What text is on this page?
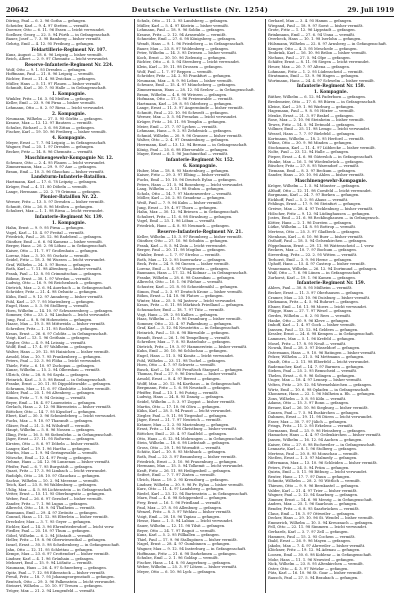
20642	Deutsche Verlustliste (Nr. 1254)	29. Juli 1919
Döring, Paul — 6. 2. 96 Gotha — gefangen.
Scheider, Karl — 9. 4. 97 Stetten — vermißt.
Doerner, Otto — 6. 11. 96 Essen — leicht verwundet.
Soellner, Georg — 22. 5. 94 Fürth — in Gefangenschaft.
Bauer, Josef — 7. 3. 98 Bamberg — bisher vermißt.
Gehrig, Emil — 4. 12. 95 Freiburg — gefangen.
Feldartillerie-Regiment Nr. 107.
Kunz, August — 18. 6. 96 Leipzig — bisher vermißt.
Reich, Albert — 2. 9. 97 Chemnitz — leicht verwundet.
Reserve-Infanterie-Regiment Nr. 224.
Wolf, Otto — 9. 1. 93 Dresden — gefangen.
Hoffmann, Paul — 21. 8. 96 Leipzig — vermißt.
Richter, Ernst — 11. 4. 98 Zwickau — gefangen.
Müller, Hans — 5. 11. 97 Plauen — bisher vermißt.
Schmidt, Karl — 30. 7. 95 Halle — in Gefangenschaft.
1. Kompagnie.
Winkler, Fritz — 16. 3. 94 Meißen — gefangen.
Keller, Emil — 23. 9. 96 Pirna — bisher vermißt.
Lehmann, Otto — 8. 2. 97 Riesa — leicht verwundet.
2. Kompagnie.
Neumann, Wilhelm — 27. 5. 95 Görlitz — gefangen.
Krause, Max — 12. 12. 97 Bautzen — vermißt.
Schulze, Richard — 3. 6. 98 Zittau — gefangen.
Fischer, Karl — 19. 10. 96 Freiberg — bisher vermißt.
4. Kompagnie.
Meyer, Ernst — 7. 7. 94 Leipzig — in Gefangenschaft.
Wagner, Paul — 25. 1. 97 Dresden — gefangen.
Becker, Fritz — 14. 8. 96 Chemnitz — vermißt.
Maschinengewehr-Kompagnie Nr. 12.
Schwarz, Otto — 2. 4. 95 Plauen — leicht verwundet.
Zimmermann, Max — 29. 9. 97 Aue — gefangen.
Braun, Emil — 10. 3. 96 Glauchau — bisher vermißt.
Landsturm-Infanterie-Bataillon.
Hartmann, Karl — 17. 6. 78 Leipzig — gefangen.
Krüger, Paul — 4. 11. 80 Döbeln — vermißt.
Lange, Hermann — 22. 2. 79 Grimma — gefangen.
Pionier-Bataillon Nr. 22.
Werner, Fritz — 13. 5. 97 Dresden — bisher vermißt.
Schmitt, Otto — 26. 8. 96 Meißen — gefangen.
Schubert, Max — 1. 1. 98 Riesa — leicht verwundet.
Infanterie-Regiment Nr. 139.
1. Kompagnie.
Hahn, Ernst — 9. 9. 95 Pirna — gefangen.
Vogel, Karl — 15. 4. 97 Freital — vermißt.
Friedrich, Paul — 28. 12. 96 Radebeul — gefangen.
Günther, Emil — 6. 6. 94 Kamenz — bisher vermißt.
Berger, Hans — 20. 2. 98 Löbau — in Gefangenschaft.
Kaiser, Otto — 11. 7. 97 Großenhain — gefangen.
Lorenz, Max — 3. 10. 95 Oschatz — vermißt.
Seidel, Fritz — 18. 3. 96 Wurzen — leicht verwundet.
Graf, Wilhelm — 24. 5. 97 Borna — gefangen.
Roth, Karl — 7. 11. 98 Altenburg — bisher vermißt.
Frank, Paul — 12. 8. 95 Crimmitschau — gefangen.
Böhme, Ernst — 30. 1. 97 Werdau — vermißt.
Ludwig, Otto — 16. 9. 96 Reichenbach — gefangen.
Dietrich, Max — 2. 6. 94 Auerbach — in Gefangenschaft.
Schröder, Fritz — 21. 4. 98 Oelsnitz — gefangen.
Kühn, Emil — 9. 12. 97 Annaberg — bisher vermißt.
Pohl, Karl — 27. 7. 95 Marienberg — gefangen.
Engel, Hans — 5. 3. 96 Stollberg — vermißt.
Horn, Wilhelm — 14. 10. 97 Schwarzenberg — gefangen.
Sommer, Otto — 23. 2. 94 Limbach — leicht verwundet.
Jung, Paul — 8. 8. 96 Hohenstein — gefangen.
Haase, Max — 19. 5. 98 Mittweida — bisher vermißt.
Schreiber, Fritz — 1. 11. 95 Rochlitz — gefangen.
Kraus, Ernst — 26. 6. 97 Colditz — in Gefangenschaft.
Voigt, Karl — 13. 1. 96 Geithain — gefangen.
Ziegler, Otto — 4. 9. 94 Leisnig — vermißt.
Wolff, Emil — 17. 4. 97 Waldheim — gefangen.
Walter, Hans — 29. 12. 98 Hainichen — bisher vermißt.
Arnold, Max — 10. 7. 95 Frankenberg — gefangen.
Peters, Paul — 22. 3. 96 Flöha — leicht verwundet.
Thiele, Fritz — 6. 10. 97 Zschopau — gefangen.
Kunze, Wilhelm — 15. 2. 94 Olbernhau — vermißt.
Ullrich, Otto — 28. 8. 96 Sayda — gefangen.
Heinrich, Karl — 3. 5. 98 Brand — in Gefangenschaft.
Franke, Ernst — 20. 11. 95 Dippoldiswalde — gefangen.
Schramm, Max — 11. 6. 97 Glashütte — bisher vermißt.
Köhler, Paul — 25. 1. 96 Altenberg — gefangen.
Simon, Fritz — 7. 9. 94 Geising — vermißt.
Beyer, Emil — 18. 4. 97 Lauenstein — gefangen.
Gerlach, Hans — 2. 12. 98 Bärenstein — bisher vermißt.
Böttcher, Otto — 14. 7. 95 Kipsdorf — gefangen.
Ebert, Karl — 30. 3. 96 Schmiedeberg — leicht verwundet.
Fuchs, Max — 9. 10. 97 Tharandt — gefangen.
Gläser, Paul — 21. 2. 94 Wilsdruff — vermißt.
Haupt, Wilhelm — 5. 8. 96 Nossen — gefangen.
Illing, Fritz — 16. 5. 98 Siebenlehn — in Gefangenschaft.
Jäger, Ernst — 27. 11. 95 Roßwein — gefangen.
Kirsten, Otto — 8. 6. 97 Döbeln — bisher vermißt.
Langer, Karl — 19. 1. 96 Hartha — gefangen.
Martin, Max — 1. 9. 94 Geringswalde — vermißt.
Nitzsche, Emil — 12. 4. 97 Penig — gefangen.
Oehme, Hans — 24. 12. 98 Lunzenau — bisher vermißt.
Pfeifer, Paul — 6. 7. 95 Burgstädt — gefangen.
Quast, Fritz — 17. 3. 96 Limbach — leicht verwundet.
Rudolph, Otto — 28. 10. 97 Glauchau — gefangen.
Sachse, Wilhelm — 10. 2. 94 Meerane — vermißt.
Teich, Karl — 23. 8. 96 Waldenburg — gefangen.
Uhlig, Max — 4. 5. 98 Lichtenstein — in Gefangenschaft.
Vetter, Ernst — 15. 11. 95 Oberlungwitz — gefangen.
Weber, Paul — 26. 6. 97 Gersdorf — bisher vermißt.
Zander, Fritz — 7. 1. 96 Lugau — gefangen.
Albrecht, Otto — 18. 9. 94 Thalheim — vermißt.
Baumann, Emil — 29. 4. 97 Zwönitz — gefangen.
Conrad, Hans — 11. 12. 98 Elterlein — bisher vermißt.
Drechsler, Max — 3. 7. 95 Geyer — gefangen.
Eichler, Karl — 14. 3. 96 Ehrenfriedersdorf — leicht verw.
Fiedler, Paul — 25. 10. 97 Thum — gefangen.
Göbel, Wilhelm — 6. 2. 94 Jöhstadt — vermißt.
Heller, Fritz — 19. 8. 96 Oberwiesenthal — gefangen.
Israel, Ernst — 30. 5. 98 Scheibenberg — in Gefangenschaft.
Jahn, Otto — 12. 11. 95 Schlettau — gefangen.
Kempe, Max — 23. 6. 97 Crottendorf — bisher vermißt.
Lindner, Karl — 4. 1. 96 Grünhain — gefangen.
Mehnert, Emil — 15. 9. 94 Lößnitz — vermißt.
Naumann, Hans — 26. 4. 97 Schneeberg — gefangen.
Opitz, Paul — 7. 12. 98 Eibenstock — bisher vermißt.
Preuß, Fritz — 18. 7. 95 Johanngeorgenstadt — gefangen.
Rentsch, Otto — 29. 3. 96 Falkenstein — leicht verwundet.
Steinert, Wilhelm — 10. 10. 97 Treuen — gefangen.
Tröger, Max — 21. 2. 94 Lengenfeld — vermißt.
Schulz, Otto — 11. 2. 95 Landsberg — gefangen.
Müller, Karl — 5. 4. 97 Küstrin — bisher vermißt.
Lehmann, Paul — 18. 9. 96 Soldin — gefangen.
Krause, Fritz — 2. 12. 94 Arnswalde — vermißt.
Schneider, Emil — 27. 6. 98 Königsberg — gefangen.
Wendt, Hans — 9. 1. 96 Friedeberg — in Gefangenschaft.
Bauer, Max — 23. 8. 97 Woldenberg — gefangen.
Peter, Wilhelm — 14. 3. 95 Driesen — bisher vermißt.
Koch, Ernst — 30. 10. 96 Zielenzig — gefangen.
Richter, Otto — 6. 5. 94 Sternberg — leicht verwundet.
Klein, Karl — 19. 11. 98 Drossen — gefangen.
Wolf, Paul — 1. 7. 97 Reppen — vermißt.
Schröder, Fritz — 24. 2. 95 Frankfurt — gefangen.
Neumann, Max — 8. 9. 96 Lebus — bisher vermißt.
Schwarz, Emil — 15. 4. 97 Müncheberg — gefangen.
Zimmermann, Hans — 28. 12. 94 Seelow — in Gefangenschaft.
Braun, Wilhelm — 4. 6. 98 Wriezen — gefangen.
Hofmann, Otto — 17. 1. 96 Freienwalde — vermißt.
Hartmann, Karl — 29. 8. 95 Oderberg — gefangen.
Lange, Ernst — 11. 3. 97 Angermünde — bisher vermißt.
Schmitt, Paul — 22. 10. 96 Schwedt — gefangen.
Werner, Max — 3. 5. 94 Prenzlau — leicht verwundet.
Krüger, Fritz — 16. 11. 98 Templin — gefangen.
Meier, Emil — 27. 7. 97 Lychen — vermißt.
Lehmann, Hans — 9. 2. 95 Zehdenick — gefangen.
Schmid, Wilhelm — 20. 9. 96 Gransee — bisher vermißt.
Walter, Otto — 2. 4. 97 Oranienburg — gefangen.
Herrmann, Karl — 13. 12. 94 Bernau — in Gefangenschaft.
König, Paul — 25. 6. 98 Eberswalde — gefangen.
Mayer, Ernst — 6. 1. 96 Joachimsthal — vermißt.
Infanterie-Regiment Nr. 152.
6. Kompagnie.
Huber, Max — 18. 8. 95 Marienburg — gefangen.
Kaiser, Fritz — 29. 3. 97 Elbing — bisher vermißt.
Fuchs, Emil — 10. 10. 96 Deutsch Eylau — gefangen.
Peters, Hans — 21. 5. 94 Rosenberg — leicht verwundet.
Lang, Wilhelm — 3. 11. 98 Stuhm — gefangen.
Scholz, Otto — 14. 7. 97 Marienwerder — vermißt.
Möller, Karl — 26. 2. 95 Graudenz — gefangen.
Weiß, Paul — 7. 9. 96 Kulm — bisher vermißt.
Jung, Ernst — 19. 4. 97 Thorn — gefangen.
Hahn, Max — 30. 12. 94 Briesen — in Gefangenschaft.
Schubert, Fritz — 11. 6. 98 Strasburg — gefangen.
Vogel, Emil — 23. 1. 96 Löbau — vermißt.
Friedrich, Hans — 4. 8. 95 Neumark — gefangen.
Reserve-Infanterie-Regiment Nr. 21.
Keller, Wilhelm — 15. 3. 97 Bromberg — bisher vermißt.
Günther, Otto — 27. 10. 96 Schubin — gefangen.
Frank, Karl — 8. 5. 94 Znin — leicht verwundet.
Berger, Paul — 20. 11. 98 Mogilno — gefangen.
Winkler, Ernst — 1. 7. 97 Strelno — vermißt.
Roth, Max — 12. 2. 95 Inowrazlaw — gefangen.
Beck, Fritz — 24. 9. 96 Gnesen — bisher vermißt.
Lorenz, Emil — 5. 4. 97 Wongrowitz — gefangen.
Baumann, Hans — 17. 12. 94 Kolmar — in Gefangenschaft.
Franke, Wilhelm — 28. 6. 98 Czarnikau — gefangen.
Albrecht, Otto — 10. 1. 96 Filehne — vermißt.
Schuster, Karl — 21. 8. 95 Schneidemühl — gefangen.
Simon, Paul — 2. 3. 97 Deutsch Krone — bisher vermißt.
Böhm, Ernst — 14. 10. 96 Flatow — gefangen.
Winter, Max — 25. 5. 94 Jastrow — leicht verwundet.
Kraus, Fritz — 6. 11. 98 Märkisch Friedland — gefangen.
Schumacher, Emil — 18. 7. 97 Tütz — vermißt.
Vogt, Hans — 29. 2. 95 Kallies — gefangen.
Haas, Wilhelm — 11. 9. 96 Dramburg — bisher vermißt.
Sommer, Otto — 22. 4. 97 Falkenburg — gefangen.
Graf, Karl — 3. 12. 94 Neustettin — in Gefangenschaft.
Heinrich, Paul — 15. 6. 98 Bärwalde — gefangen.
Brandt, Ernst — 26. 1. 96 Tempelburg — vermißt.
Schreiber, Max — 7. 8. 95 Ratzebuhr — gefangen.
Dietrich, Fritz — 19. 3. 97 Hammerstein — bisher vermißt.
Kuhn, Emil — 30. 10. 96 Schlochau — gefangen.
Engel, Hans — 11. 5. 94 Konitz — leicht verwundet.
Pohl, Wilhelm — 23. 11. 98 Tuchel — gefangen.
Horn, Otto — 4. 7. 97 Schwetz — vermißt.
Busch, Karl — 16. 2. 95 Preußisch Stargard — gefangen.
Thomas, Paul — 27. 9. 96 Dirschau — bisher vermißt.
Arnold, Ernst — 8. 4. 97 Berent — gefangen.
Wolff, Max — 20. 12. 94 Karthaus — in Gefangenschaft.
Bergmann, Fritz — 1. 6. 98 Neustadt — gefangen.
Pfeiffer, Emil — 13. 1. 96 Putzig — vermißt.
Ludwig, Hans — 24. 8. 95 Danzig — gefangen.
Seidel, Wilhelm — 5. 3. 97 Zoppot — bisher vermißt.
Martin, Otto — 17. 10. 96 Oliva — gefangen.
Kühn, Karl — 28. 5. 94 Praust — leicht verwundet.
Ziegler, Paul — 9. 11. 98 Tiegenhof — gefangen.
Jäger, Ernst — 21. 7. 97 Neuteich — vermißt.
Krämer, Max — 2. 2. 95 Marienburg — gefangen.
Ernst, Fritz — 14. 9. 96 Christburg — bisher vermißt.
Böttcher, Emil — 25. 4. 97 Saalfeld — gefangen.
Otto, Hans — 6. 12. 94 Mohrungen — in Gefangenschaft.
Stein, Wilhelm — 18. 6. 98 Liebstadt — gefangen.
Gross, Otto — 29. 1. 96 Wormditt — vermißt.
Schütz, Karl — 10. 8. 95 Mehlsack — gefangen.
Roth, Paul — 22. 3. 97 Braunsberg — bisher vermißt.
Friedrich, Ernst — 3. 10. 96 Frauenburg — gefangen.
Hermann, Max — 15. 5. 94 Tolkemit — leicht verwundet.
Kraft, Fritz — 26. 11. 98 Heiligenbeil — gefangen.
Seifert, Emil — 7. 7. 97 Zinten — vermißt.
Ulrich, Hans — 19. 2. 95 Kreuzburg — gefangen.
Lindner, Wilhelm — 30. 9. 96 Pr. Eylau — bisher vermißt.
Kurz, Otto — 11. 4. 97 Landsberg — gefangen.
Riedel, Karl — 23. 12. 94 Bartenstein — in Gefangenschaft.
Marx, Paul — 4. 6. 98 Schippenbeil — gefangen.
Frey, Ernst — 16. 1. 96 Friedland — vermißt.
Paul, Max — 27. 8. 95 Allenburg — gefangen.
Wenzel, Fritz — 8. 3. 97 Wehlau — bisher vermißt.
Voigt, Emil — 20. 10. 96 Tapiau — gefangen.
Hesse, Hans — 1. 5. 94 Labiau — leicht verwundet.
Sauer, Wilhelm — 12. 11. 98 Tilsit — gefangen.
Beyer, Otto — 24. 7. 97 Ragnit — vermißt.
Kunz, Karl — 5. 2. 95 Pillkallen — gefangen.
Thiel, Paul — 17. 9. 96 Stallupönen — bisher vermißt.
Nagel, Ernst — 28. 4. 97 Gumbinnen — gefangen.
Wagner, Max — 9. 12. 94 Insterburg — in Gefangenschaft.
Hoffmann, Fritz — 21. 6. 98 Darkehmen — gefangen.
Schulze, Emil — 2. 1. 96 Goldap — vermißt.
Fischer, Hans — 14. 8. 95 Angerburg — gefangen.
Weber, Wilhelm — 25. 3. 97 Lötzen — bisher vermißt.
Meyer, Otto — 6. 10. 96 Lyck — gefangen.
Gerhard, Max — 3. 4. 95 Hamm — gefangen.
Wiegand, Paul — 18. 9. 97 Soest — bisher vermißt.
Grote, Fritz — 1. 12. 96 Lippstadt — gefangen.
Brinkmann, Emil — 27. 6. 94 Unna — vermißt.
Overbeck, Hans — 10. 1. 98 Iserlohn — gefangen.
Hülsmann, Wilhelm — 22. 8. 97 Arnsberg — in Gefangenschaft.
Kemper, Otto — 4. 3. 95 Meschede — gefangen.
Tenbrink, Karl — 16. 10. 96 Brilon — bisher vermißt.
Niehaus, Paul — 27. 5. 94 Olpe — gefangen.
Schäfer, Ernst — 8. 11. 98 Siegen — leicht verwundet.
Heuer, Max — 20. 7. 97 Altena — gefangen.
Lohmann, Fritz — 1. 2. 95 Lüdenscheid — vermißt.
Stratmann, Emil — 13. 9. 96 Hagen — gefangen.
Wortmann, Hans — 24. 4. 97 Schwelm — bisher vermißt.
Infanterie-Regiment Nr. 158.
1. Kompagnie.
Rüther, Wilhelm — 6. 12. 94 Paderborn — gefangen.
Bredemeier, Otto — 17. 6. 98 Büren — in Gefangenschaft.
Kleine, Karl — 29. 1. 96 Warburg — gefangen.
Hagemann, Paul — 9. 8. 95 Höxter — vermißt.
Menke, Ernst — 21. 3. 97 Brakel — gefangen.
Rose, Max — 2. 10. 96 Steinheim — bisher vermißt.
Tewes, Fritz — 14. 5. 94 Detmold — gefangen.
Vollmer, Emil — 25. 11. 98 Lemgo — leicht verwundet.
Wessel, Hans — 7. 7. 97 Bielefeld — gefangen.
Kortmann, Wilhelm — 18. 2. 95 Herford — vermißt.
Wilms, Otto — 30. 9. 96 Minden — gefangen.
Stockmann, Karl — 11. 4. 97 Lübbecke — bisher vermißt.
Nolte, Paul — 23. 12. 94 Halle — gefangen.
Pieper, Ernst — 4. 6. 98 Gütersloh — in Gefangenschaft.
Hunke, Max — 16. 1. 96 Wiedenbrück — gefangen.
Büscher, Fritz — 27. 8. 95 Warendorf — vermißt.
Tiemann, Emil — 8. 3. 97 Beckum — gefangen.
Sander, Hans — 20. 10. 96 Ahlen — bisher vermißt.
Maschinengewehr-Kompagnie.
Kröger, Wilhelm — 1. 5. 94 Münster — gefangen.
Althoff, Otto — 12. 11. 98 Coesfeld — leicht verwundet.
Borgmann, Karl — 24. 7. 97 Borken — gefangen.
Eickhoff, Paul — 5. 2. 95 Ahaus — vermißt.
Fehlings, Ernst — 17. 9. 96 Steinfurt — gefangen.
Greiwe, Max — 28. 4. 97 Tecklenburg — bisher vermißt.
Hölscher, Fritz — 9. 12. 94 Lüdinghausen — gefangen.
Jostes, Emil — 21. 6. 98 Recklinghausen — in Gefangensch.
Kötter, Hans — 2. 1. 96 Dorsten — gefangen.
Lütke, Wilhelm — 14. 8. 95 Bottrop — vermißt.
Mertens, Otto — 25. 3. 97 Gladbeck — gefangen.
Nienhaus, Karl — 6. 10. 96 Buer — bisher vermißt.
Osthoff, Paul — 18. 5. 94 Gelsenkirchen — gefangen.
Pöppelmann, Ernst — 29. 11. 98 Wattenscheid — l. verw.
Reckers, Max — 10. 7. 97 Bochum — gefangen.
Sieverding, Fritz — 22. 2. 95 Witten — vermißt.
Terhorst, Emil — 3. 9. 96 Herne — gefangen.
Uphoff, Hans — 15. 4. 97 Castrop — bisher vermißt.
Vennemann, Wilhelm — 26. 12. 94 Dortmund — gefangen.
Wulf, Otto — 7. 6. 98 Lünen — in Gefangenschaft.
Zurhorst, Karl — 19. 1. 96 Kamen — gefangen.
Infanterie-Regiment Nr. 159.
Ahlers, Paul — 30. 8. 95 Mülheim — vermißt.
Becker, Ernst — 11. 3. 97 Oberhausen — gefangen.
Cramer, Max — 23. 10. 96 Duisburg — bisher vermißt.
Diekmann, Fritz — 4. 5. 94 Ruhrort — gefangen.
Elsner, Emil — 16. 11. 98 Moers — leicht verwundet.
Flügge, Hans — 27. 7. 97 Wesel — gefangen.
Gerdes, Wilhelm — 8. 2. 95 Rees — vermißt.
Hanke, Otto — 20. 9. 96 Kleve — gefangen.
Imhoff, Karl — 1. 4. 97 Goch — bisher vermißt.
Janssen, Paul — 13. 12. 94 Geldern — gefangen.
Kessler, Ernst — 24. 6. 98 Kempen — in Gefangenschaft.
Lammers, Max — 5. 1. 96 Krefeld — gefangen.
Mosel, Fritz — 17. 8. 95 Neuß — vermißt.
Nowak, Emil — 28. 3. 97 Düsseldorf — gefangen.
Ostermann, Hans — 9. 10. 96 Ratingen — bisher vermißt.
Pelzer, Wilhelm — 21. 5. 94 Mettmann — gefangen.
Quadt, Otto — 2. 11. 98 Elberfeld — leicht verwundet.
Rademacher, Karl — 14. 7. 97 Barmen — gefangen.
Sieben, Paul — 25. 2. 95 Remscheid — vermißt.
Thelen, Ernst — 6. 9. 96 Solingen — gefangen.
Unger, Max — 18. 4. 97 Lennep — bisher vermißt.
Velten, Fritz — 29. 12. 94 Wermelskirchen — gefangen.
Wirtz, Emil — 10. 6. 98 Opladen — in Gefangenschaft.
Xhonneux, Hans — 22. 1. 96 Mülheim a. Rh. — gefangen.
Zons, Wilhelm — 3. 8. 95 Köln — vermißt.
Adams, Otto — 15. 3. 97 Bonn — gefangen.
Breuer, Karl — 26. 10. 96 Siegburg — bisher vermißt.
Conzen, Paul — 7. 5. 94 Euskirchen — gefangen.
Dahmen, Ernst — 19. 11. 98 Düren — leicht verwundet.
Esser, Max — 30. 7. 97 Jülich — gefangen.
Frings, Fritz — 11. 2. 95 Erkelenz — vermißt.
Gormanns, Emil — 23. 9. 96 Heinsberg — gefangen.
Hamacher, Hans — 4. 4. 97 Geilenkirchen — bisher vermißt.
Jansen, Wilhelm — 16. 12. 94 Aachen — gefangen.
Kaiser, Otto — 27. 6. 98 Eschweiler — in Gefangenschaft.
Lennartz, Karl — 8. 1. 96 Stolberg — gefangen.
Mertens, Paul — 20. 8. 95 Monschau — vermißt.
Nießen, Ernst — 1. 3. 97 Malmedy — gefangen.
Offermann, Max — 13. 10. 96 Schleiden — bisher vermißt.
Peters, Fritz — 24. 5. 94 Prüm — gefangen.
Quirin, Emil — 5. 11. 98 Bitburg — leicht verwundet.
Reuter, Hans — 17. 7. 97 Daun — gefangen.
Schmitz, Wilhelm — 28. 2. 95 Wittlich — vermißt.
Thiesen, Otto — 9. 9. 96 Bernkastel — gefangen.
Valder, Karl — 21. 4. 97 Trier — bisher vermißt.
Wagner, Paul — 2. 12. 94 Saarburg — gefangen.
Zimmer, Ernst — 14. 6. 98 Merzig — in Gefangenschaft.
Andres, Max — 25. 1. 96 Saarlouis — gefangen.
Bender, Fritz — 6. 8. 95 Saarbrücken — vermißt.
Claus, Emil — 18. 3. 97 Ottweiler — gefangen.
Decker, Hans — 29. 10. 96 St. Wendel — bisher vermißt.
Emmerich, Wilhelm — 10. 5. 94 Kreuznach — gefangen.
Fell, Otto — 22. 11. 98 Simmern — leicht verwundet.
Gerhards, Karl — 3. 7. 97 Zell — gefangen.
Hammes, Paul — 15. 2. 95 Cochem — vermißt.
Ibald, Ernst — 26. 9. 96 Mayen — gefangen.
Jakobs, Max — 7. 4. 97 Ahrweiler — bisher vermißt.
Klöckner, Fritz — 19. 12. 94 Adenau — gefangen.
Loosen, Emil — 30. 6. 98 Koblenz — in Gefangenschaft.
Mohr, Hans — 11. 1. 96 Neuwied — gefangen.
Nick, Wilhelm — 23. 8. 95 Altenkirchen — vermißt.
Oster, Otto — 4. 3. 97 Wetzlar — gefangen.
Pütz, Karl — 16. 10. 96 St. Goar — bisher vermißt.
Rausch, Paul — 27. 5. 94 Braubach — gefangen.
